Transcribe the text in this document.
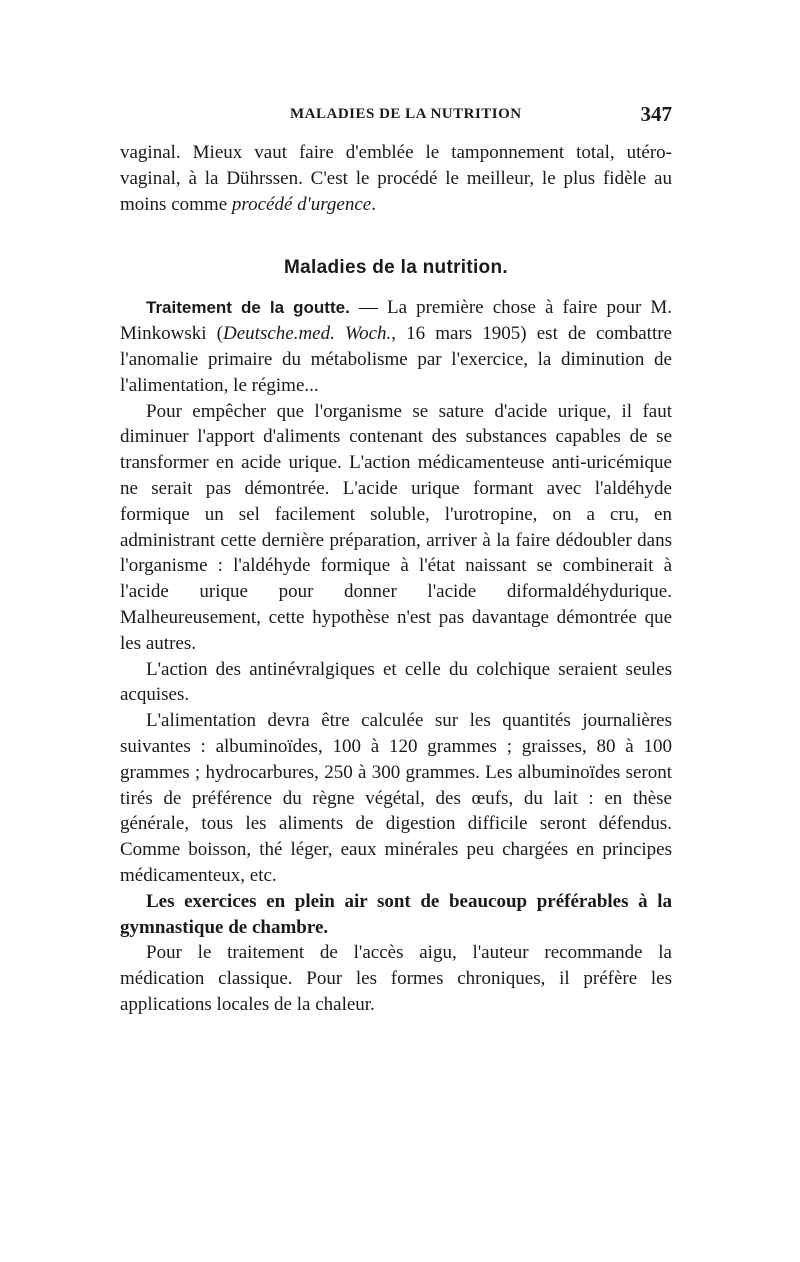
MALADIES DE LA NUTRITION	347

vaginal. Mieux vaut faire d'emblée le tamponnement total, utéro-vaginal, à la Dührssen. C'est le procédé le meilleur, le plus fidèle au moins comme procédé d'urgence.

Maladies de la nutrition.

Traitement de la goutte. — La première chose à faire pour M. Minkowski (Deutsche.med. Woch., 16 mars 1905) est de combattre l'anomalie primaire du métabolisme par l'exercice, la diminution de l'alimentation, le régime...

Pour empêcher que l'organisme se sature d'acide urique, il faut diminuer l'apport d'aliments contenant des substances capables de se transformer en acide urique. L'action médicamenteuse anti-uricémique ne serait pas démontrée. L'acide urique formant avec l'aldéhyde formique un sel facilement soluble, l'urotropine, on a cru, en administrant cette dernière préparation, arriver à la faire dédoubler dans l'organisme : l'aldéhyde formique à l'état naissant se combinerait à l'acide urique pour donner l'acide diformaldéhydurique. Malheureusement, cette hypothèse n'est pas davantage démontrée que les autres.

L'action des antinévralgiques et celle du colchique seraient seules acquises.

L'alimentation devra être calculée sur les quantités journalières suivantes : albuminoïdes, 100 à 120 grammes ; graisses, 80 à 100 grammes ; hydrocarbures, 250 à 300 grammes. Les albuminoïdes seront tirés de préférence du règne végétal, des œufs, du lait : en thèse générale, tous les aliments de digestion difficile seront défendus. Comme boisson, thé léger, eaux minérales peu chargées en principes médicamenteux, etc.

Les exercices en plein air sont de beaucoup préférables à la gymnastique de chambre.

Pour le traitement de l'accès aigu, l'auteur recommande la médication classique. Pour les formes chroniques, il préfère les applications locales de la chaleur.
